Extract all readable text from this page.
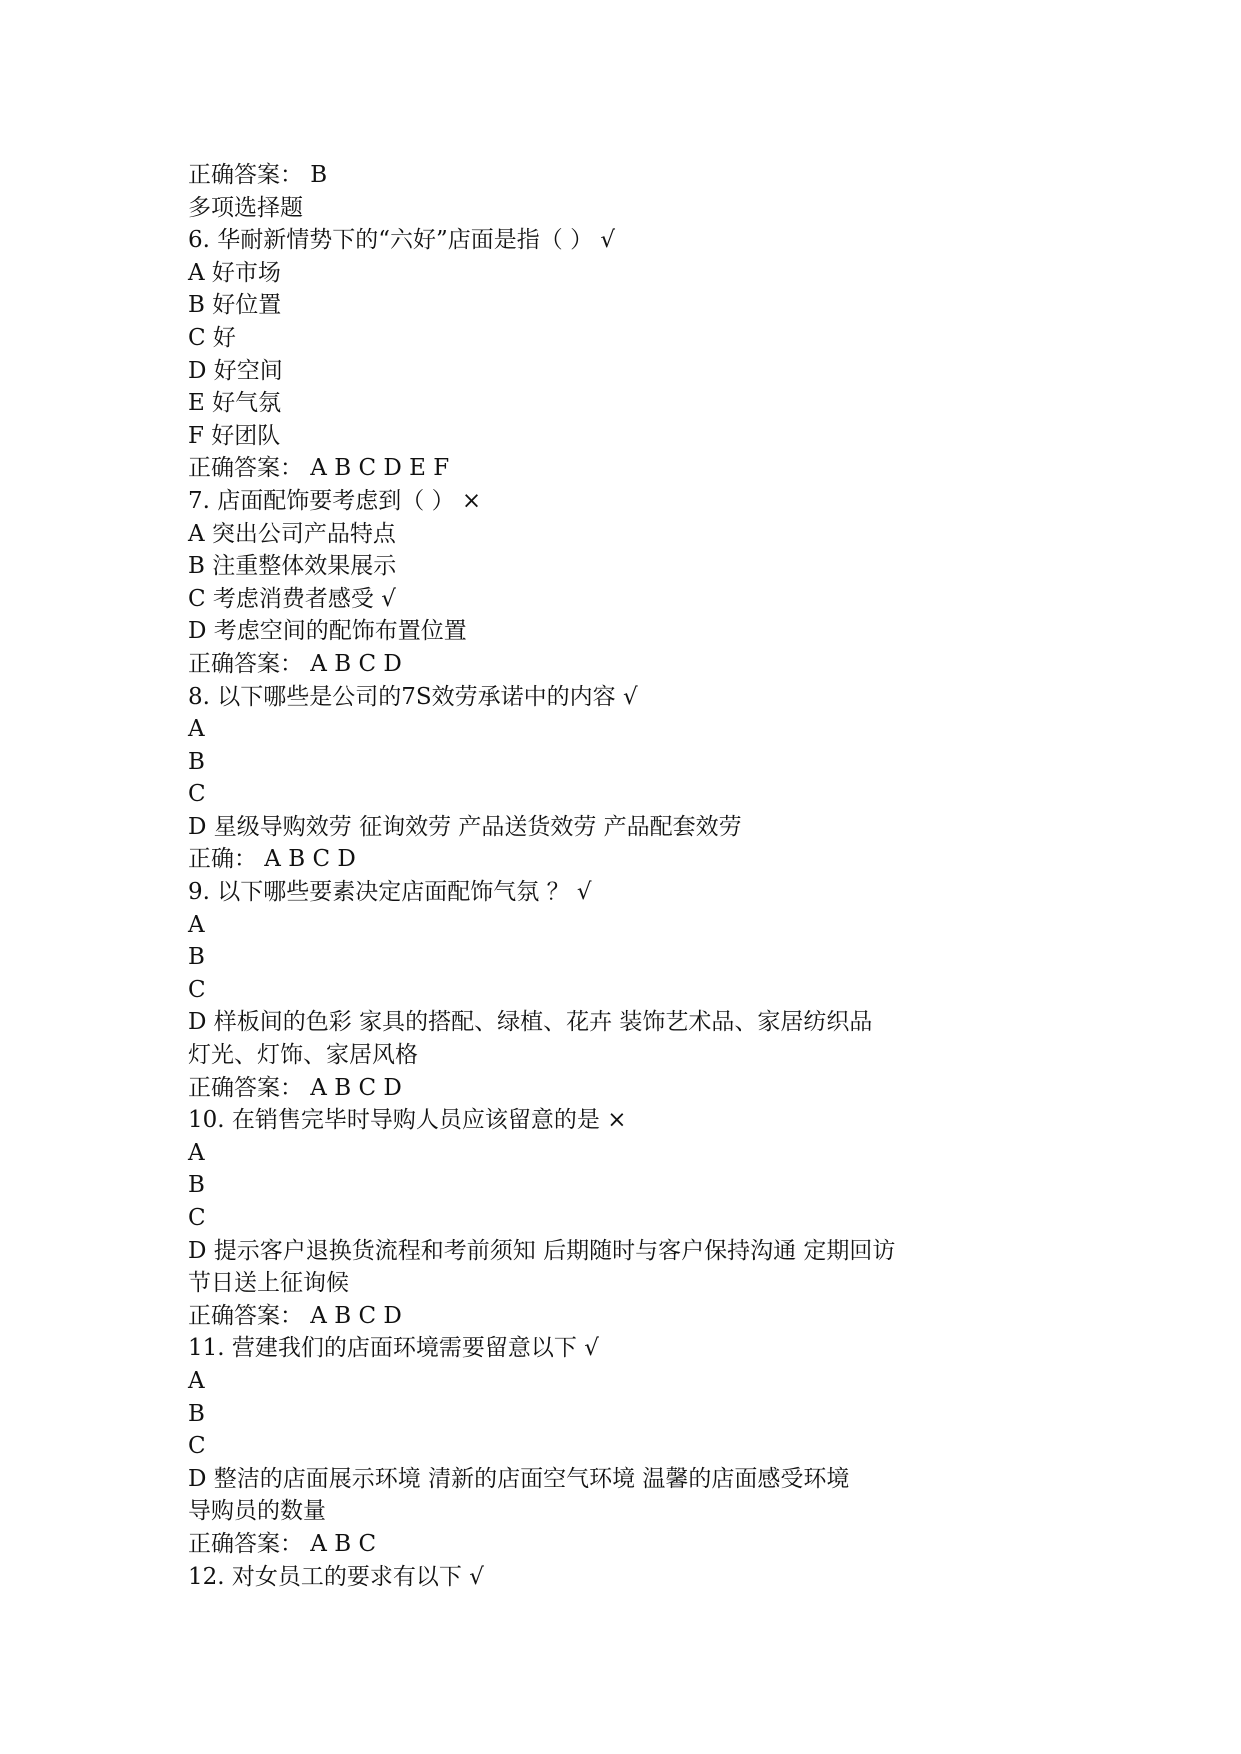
正确答案： B
多项选择题
6. 华耐新情势下的“六好”店面是指（ ） √
A 好市场
B 好位置
C 好
D 好空间
E 好气氛
F 好团队
正确答案： A B C D E F
7. 店面配饰要考虑到（ ） ×
A 突出公司产品特点
B 注重整体效果展示
C 考虑消费者感受 √
D 考虑空间的配饰布置位置
正确答案： A B C D
8. 以下哪些是公司的7S效劳承诺中的内容 √
A
B
C
D 星级导购效劳 征询效劳 产品送货效劳 产品配套效劳
正确： A B C D
9. 以下哪些要素决定店面配饰气氛 ？ √
A
B
C
D 样板间的色彩 家具的搭配、绿植、花卉 装饰艺术品、家居纺织品
灯光、灯饰、家居风格
正确答案： A B C D
10. 在销售完毕时导购人员应该留意的是 ×
A
B
C
D 提示客户退换货流程和考前须知 后期随时与客户保持沟通 定期回访
节日送上征询候
正确答案： A B C D
11. 营建我们的店面环境需要留意以下 √
A
B
C
D 整洁的店面展示环境 清新的店面空气环境 温馨的店面感受环境
导购员的数量
正确答案： A B C
12. 对女员工的要求有以下 √
